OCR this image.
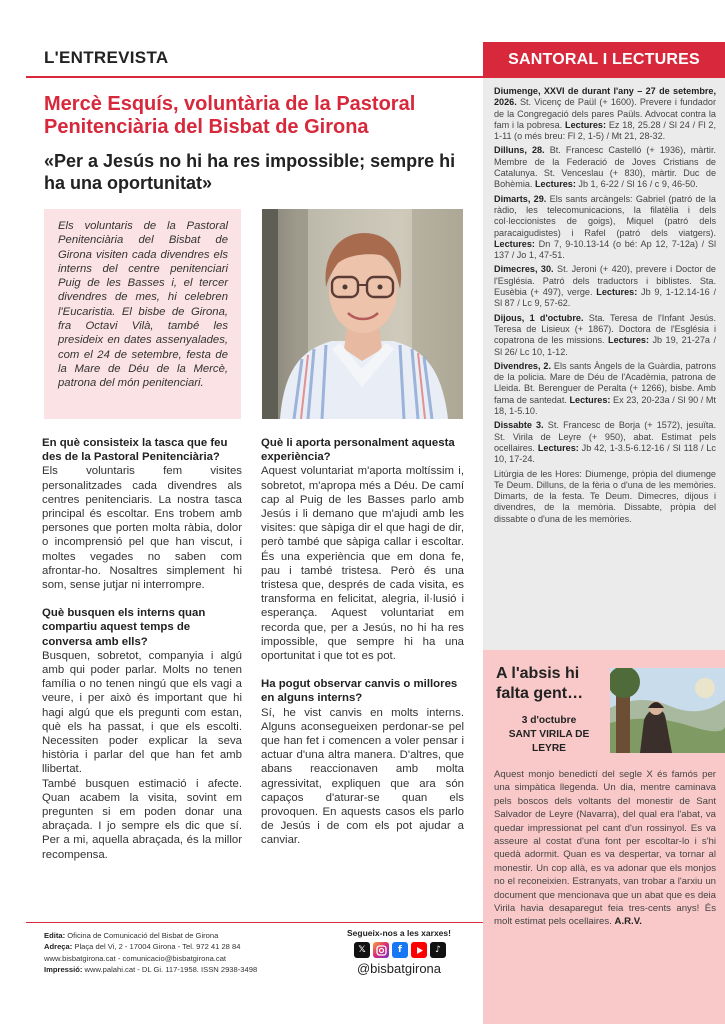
L'ENTREVISTA	SANTORAL I LECTURES
Mercè Esquís, voluntària de la Pastoral Penitenciària del Bisbat de Girona
«Per a Jesús no hi ha res impossible; sempre hi ha una oportunitat»

Els voluntaris de la Pastoral Penitenciària del Bisbat de Girona visiten cada divendres els interns del centre penitenciari Puig de les Basses i, el tercer divendres de mes, hi celebren l'Eucaristia. El bisbe de Girona, fra Octavi Vilà, també les presideix en dates assenyalades, com el 24 de setembre, festa de la Mare de Déu de la Mercè, patrona del món penitenciari.

En què consisteix la tasca que feu des de la Pastoral Penitenciària?

Els voluntaris fem visites personalitzades cada divendres als centres penitenciaris. La nostra tasca principal és escoltar. Ens trobem amb persones que porten molta ràbia, dolor o incomprensió pel que han viscut, i moltes vegades no saben com afrontar-ho. Nosaltres simplement hi som, sense jutjar ni interrompre.

Què busquen els interns quan compartiu aquest temps de conversa amb ells?

Busquen, sobretot, companyia i algú amb qui poder parlar. Molts no tenen família o no tenen ningú que els vagi a veure, i per això és important que hi hagi algú que els pregunti com estan, què els ha passat, i que els escolti. Necessiten poder explicar la seva història i parlar del que han fet amb llibertat.

També busquen estimació i afecte. Quan acabem la visita, sovint em pregunten si em poden donar una abraçada. I jo sempre els dic que sí. Per a mi, aquella abraçada, és la millor recompensa.

Què li aporta personalment aquesta experiència?

Aquest voluntariat m'aporta moltíssim i, sobretot, m'apropa més a Déu. De camí cap al Puig de les Basses parlo amb Jesús i li demano que m'ajudi amb les visites: que sàpiga dir el que hagi de dir, però també que sàpiga callar i escoltar. És una experiència que em dona fe, pau i també tristesa. Però és una tristesa que, després de cada visita, es transforma en felicitat, alegria, il·lusió i esperança. Aquest voluntariat em recorda que, per a Jesús, no hi ha res impossible, que sempre hi ha una oportunitat i que tot es pot.

Ha pogut observar canvis o millores en alguns interns?

Sí, he vist canvis en molts interns. Alguns aconsegueixen perdonar-se pel que han fet i comencen a voler pensar i actuar d'una altra manera. D'altres, que abans reaccionaven amb molta agressivitat, expliquen que ara són capaços d'aturar-se quan els provoquen. En aquests casos els parlo de Jesús i de com els pot ajudar a canviar.

Diumenge, XXVI de durant l'any – 27 de setembre, 2026. St. Vicenç de Paül (+ 1600). Prevere i fundador de la Congregació dels pares Paüls. Advocat contra la fam i la pobresa. Lectures: Ez 18, 25.28 / Sl 24 / Fl 2, 1-11 (o més breu: Fl 2, 1-5) / Mt 21, 28-32.

Dilluns, 28. Bt. Francesc Castelló (+ 1936), màrtir. Membre de la Federació de Joves Cristians de Catalunya. St. Venceslau (+ 830), màrtir. Duc de Bohèmia. Lectures: Jb 1, 6-22 / Sl 16 / c 9, 46-50.

Dimarts, 29. Els sants arcàngels: Gabriel (patró de la ràdio, les telecomunicacions, la filatèlia i dels col·leccionistes de goigs), Miquel (patró dels paracaigudistes) i Rafel (patró dels viatgers). Lectures: Dn 7, 9-10.13-14 (o bé: Ap 12, 7-12a) / Sl 137 / Jo 1, 47-51.

Dimecres, 30. St. Jeroni (+ 420), prevere i Doctor de l'Església. Patró dels traductors i biblistes. Sta. Eusèbia (+ 497), verge. Lectures: Jb 9, 1-12.14-16 / Sl 87 / Lc 9, 57-62.

Dijous, 1 d'octubre. Sta. Teresa de l'Infant Jesús. Teresa de Lisieux (+ 1867). Doctora de l'Església i copatrona de les missions. Lectures: Jb 19, 21-27a / Sl 26/ Lc 10, 1-12.

Divendres, 2. Els sants Àngels de la Guàrdia, patrons de la policia. Mare de Déu de l'Acadèmia, patrona de Lleida. Bt. Berenguer de Peralta (+ 1266), bisbe. Amb fama de santedat. Lectures: Ex 23, 20-23a / Sl 90 / Mt 18, 1-5.10.

Dissabte 3. St. Francesc de Borja (+ 1572), jesuïta. St. Virila de Leyre (+ 950), abat. Estimat pels ocellaires. Lectures: Jb 42, 1-3.5-6.12-16 / Sl 118 / Lc 10, 17-24.

Litúrgia de les Hores: Diumenge, pròpia del diumenge Te Deum. Dilluns, de la fèria o d'una de les memòries. Dimarts, de la festa. Te Deum. Dimecres, dijous i divendres, de la memòria. Dissabte, pròpia del dissabte o d'una de les memòries.

A l'absis hi falta gent…
3 d'octubre
SANT VIRILA DE LEYRE

Aquest monjo benedictí del segle X és famós per una simpàtica llegenda. Un dia, mentre caminava pels boscos dels voltants del monestir de Sant Salvador de Leyre (Navarra), del qual era l'abat, va quedar impressionat pel cant d'un rossinyol. Es va asseure al costat d'una font per escoltar-lo i s'hi quedà adormit. Quan es va despertar, va tornar al monestir. Un cop allà, es va adonar que els monjos no el reconeixien. Estranyats, van trobar a l'arxiu un document que mencionava que un abat que es deia Virila havia desaparegut feia tres-cents anys! És molt estimat pels ocellaires. A.R.V.

Edita: Oficina de Comunicació del Bisbat de Girona
Adreça: Plaça del Vi, 2 - 17004 Girona - Tel. 972 41 28 84
www.bisbatgirona.cat - comunicacio@bisbatgirona.cat
Impressió: www.palahi.cat - DL Gi. 117-1958. ISSN 2938-3498
Segueix-nos a les xarxes!
𝕏	f	♪
@bisbatgirona
